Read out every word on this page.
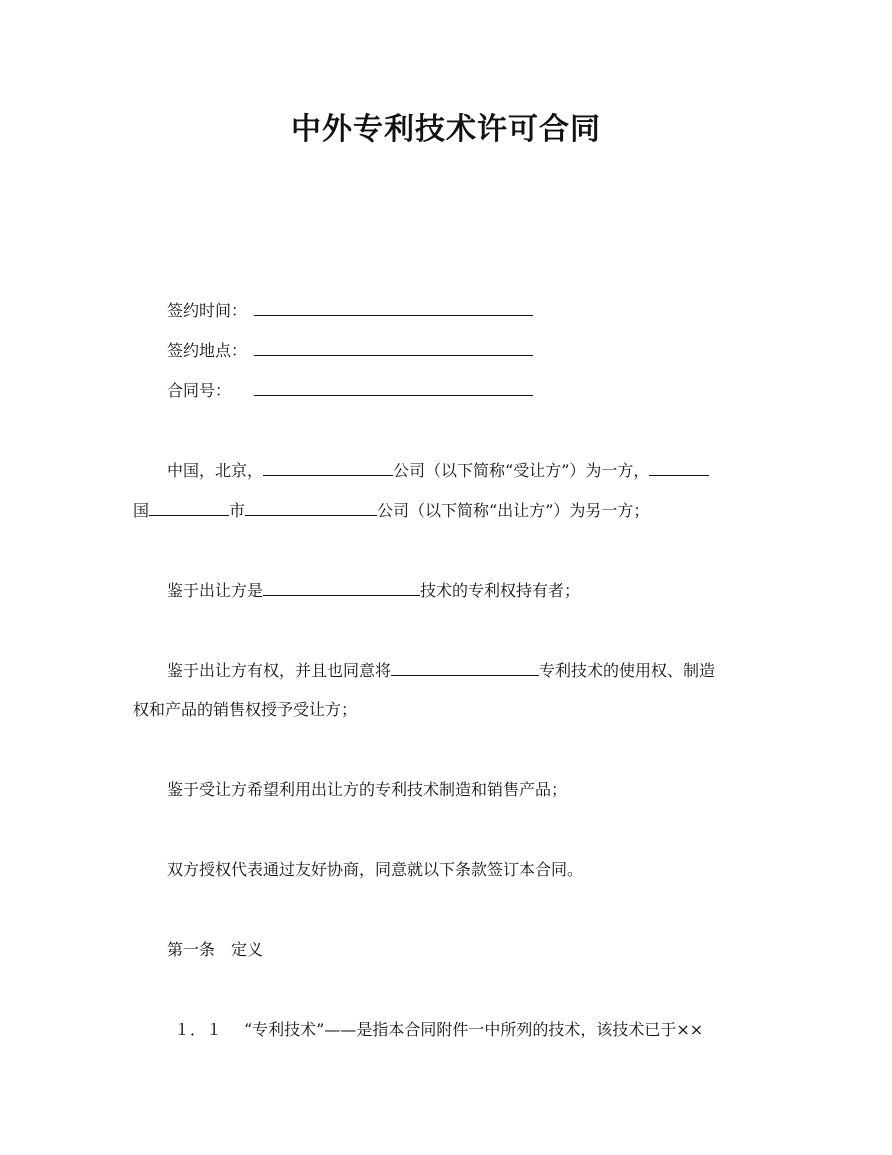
中外专利技术许可合同
签约时间：
签约地点：
合同号：
中国，北京，	公司（以下简称“受让方”）为一方，
国	市	公司（以下简称“出让方”）为另一方；
鉴于出让方是	技术的专利权持有者；
鉴于出让方有权，并且也同意将	专利技术的使用权、制造
权和产品的销售权授予受让方；
鉴于受让方希望利用出让方的专利技术制造和销售产品；
双方授权代表通过友好协商，同意就以下条款签订本合同。
第一条　定义
１．１ “专利技术”——是指本合同附件一中所列的技术，该技术已于××
